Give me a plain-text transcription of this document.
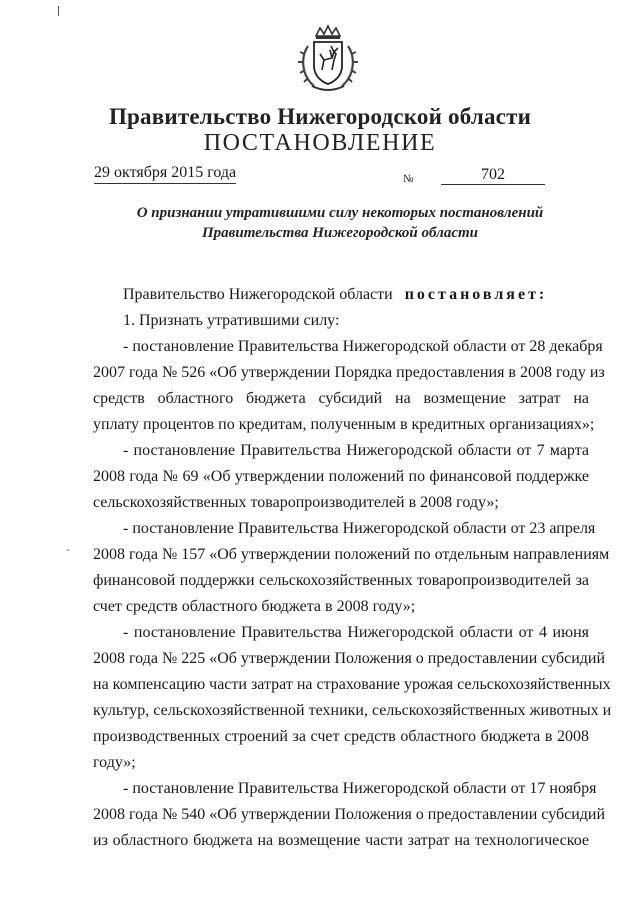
Правительство Нижегородской области
ПОСТАНОВЛЕНИЕ
29 октября 2015 года	№	702
О признании утратившими силу некоторых постановлений
Правительства Нижегородской области
ˆ
Правительство Нижегородской области постановляет:
1. Признать утратившими силу:
- постановление Правительства Нижегородской области от 28 декабря
2007 года № 526 «Об утверждении Порядка предоставления в 2008 году из
средств областного бюджета субсидий на возмещение затрат на
уплату процентов по кредитам, полученным в кредитных организациях»;
- постановление Правительства Нижегородской области от 7 марта
2008 года № 69 «Об утверждении положений по финансовой поддержке
сельскохозяйственных товаропроизводителей в 2008 году»;
- постановление Правительства Нижегородской области от 23 апреля
2008 года № 157 «Об утверждении положений по отдельным направлениям
финансовой поддержки сельскохозяйственных товаропроизводителей за
счет средств областного бюджета в 2008 году»;
- постановление Правительства Нижегородской области от 4 июня
2008 года № 225 «Об утверждении Положения о предоставлении субсидий
на компенсацию части затрат на страхование урожая сельскохозяйственных
культур, сельскохозяйственной техники, сельскохозяйственных животных и
производственных строений за счет средств областного бюджета в 2008
году»;
- постановление Правительства Нижегородской области от 17 ноября
2008 года № 540 «Об утверждении Положения о предоставлении субсидий
из областного бюджета на возмещение части затрат на технологическое
